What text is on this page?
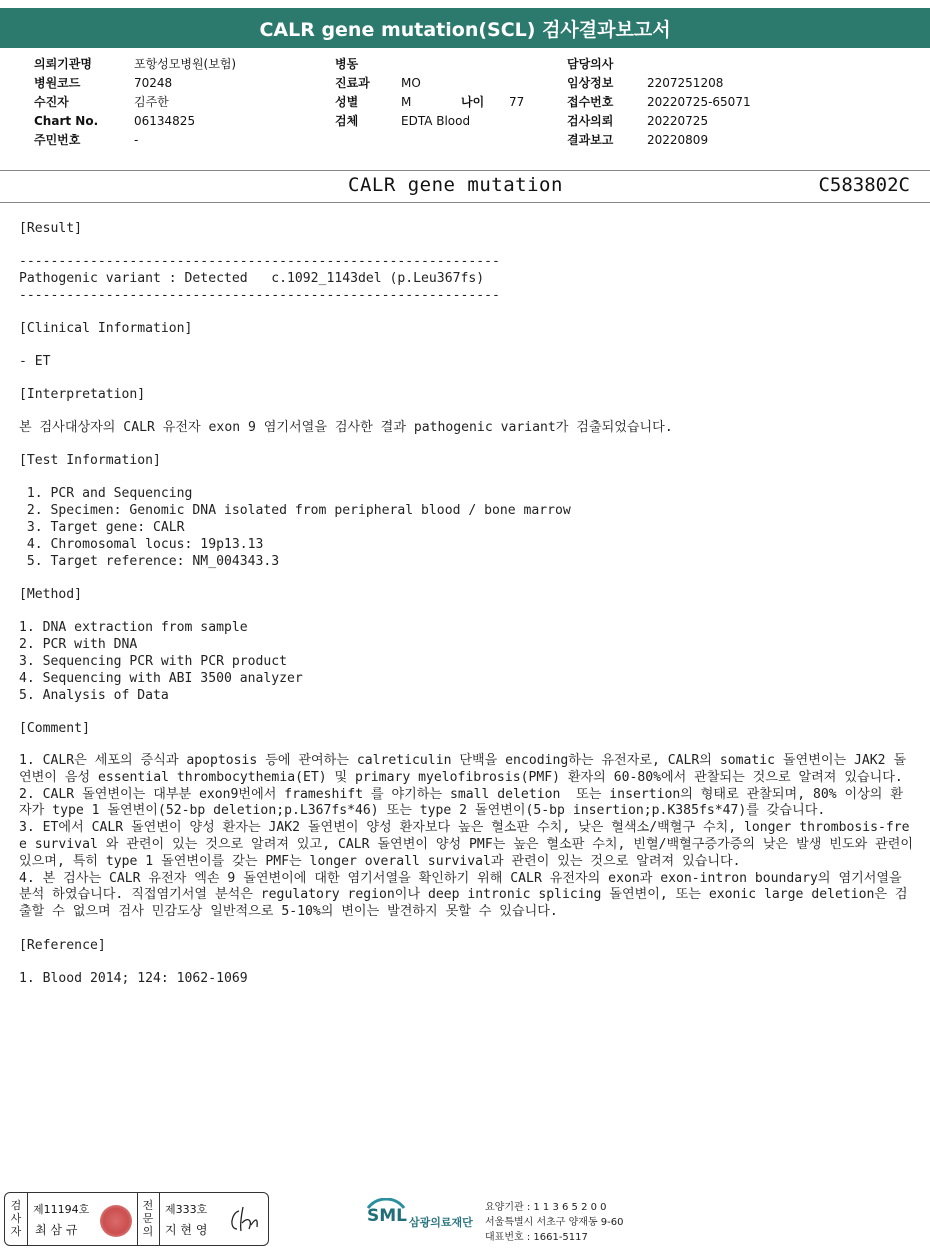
CALR gene mutation(SCL) 검사결과보고서
의뢰기관명	포항성모병원(보험)
병원코드	70248
수진자	김주한
Chart No.	06134825
주민번호	-
병동
진료과	MO
성별	M	나이 77
검체	EDTA Blood
담당의사
임상정보	2207251208
접수번호	20220725-65071
검사의뢰	20220725
결과보고	20220809
CALR gene mutation	C583802C
[Result]
-------------------------------------------------------------
Pathogenic variant : Detected   c.1092_1143del (p.Leu367fs)
-------------------------------------------------------------
[Clinical Information]
- ET
[Interpretation]
본 검사대상자의 CALR 유전자 exon 9 염기서열을 검사한 결과 pathogenic variant가 검출되었습니다.
[Test Information]
1. PCR and Sequencing
2. Specimen: Genomic DNA isolated from peripheral blood / bone marrow
3. Target gene: CALR
4. Chromosomal locus: 19p13.13
5. Target reference: NM_004343.3
[Method]
1. DNA extraction from sample
2. PCR with DNA
3. Sequencing PCR with PCR product
4. Sequencing with ABI 3500 analyzer
5. Analysis of Data
[Comment]
1. CALR은 세포의 증식과 apoptosis 등에 관여하는 calreticulin 단백을 encoding하는 유전자로, CALR의 somatic 돌연변이는 JAK2 돌연변이 음성 essential thrombocythemia(ET) 및 primary myelofibrosis(PMF) 환자의 60-80%에서 관찰되는 것으로 알려져 있습니다.
2. CALR 돌연변이는 대부분 exon9번에서 frameshift 를 야기하는 small deletion  또는 insertion의 형태로 관찰되며, 80% 이상의 환자가 type 1 돌연변이(52-bp deletion;p.L367fs*46) 또는 type 2 돌연변이(5-bp insertion;p.K385fs*47)를 갖습니다.
3. ET에서 CALR 돌연변이 양성 환자는 JAK2 돌연변이 양성 환자보다 높은 혈소판 수치, 낮은 혈색소/백혈구 수치, longer thrombosis-free survival 와 관련이 있는 것으로 알려져 있고, CALR 돌연변이 양성 PMF는 높은 혈소판 수치, 빈혈/백혈구증가증의 낮은 발생 빈도와 관련이 있으며, 특히 type 1 돌연변이를 갖는 PMF는 longer overall survival과 관련이 있는 것으로 알려져 있습니다.
4. 본 검사는 CALR 유전자 엑손 9 돌연변이에 대한 염기서열을 확인하기 위해 CALR 유전자의 exon과 exon-intron boundary의 염기서열을 분석 하였습니다. 직접염기서열 분석은 regulatory region이나 deep intronic splicing 돌연변이, 또는 exonic large deletion은 검출할 수 없으며 검사 민감도상 일반적으로 5-10%의 변이는 발견하지 못할 수 있습니다.
[Reference]
1. Blood 2014; 124: 1062-1069
검사자
제11194호
최 삼 규
전문의
제333호
지 현 영
SML 삼광의료재단
요양기관 : 1 1 3 6 5 2 0 0
서울특별시 서초구 양재동 9-60
대표번호 : 1661-5117
